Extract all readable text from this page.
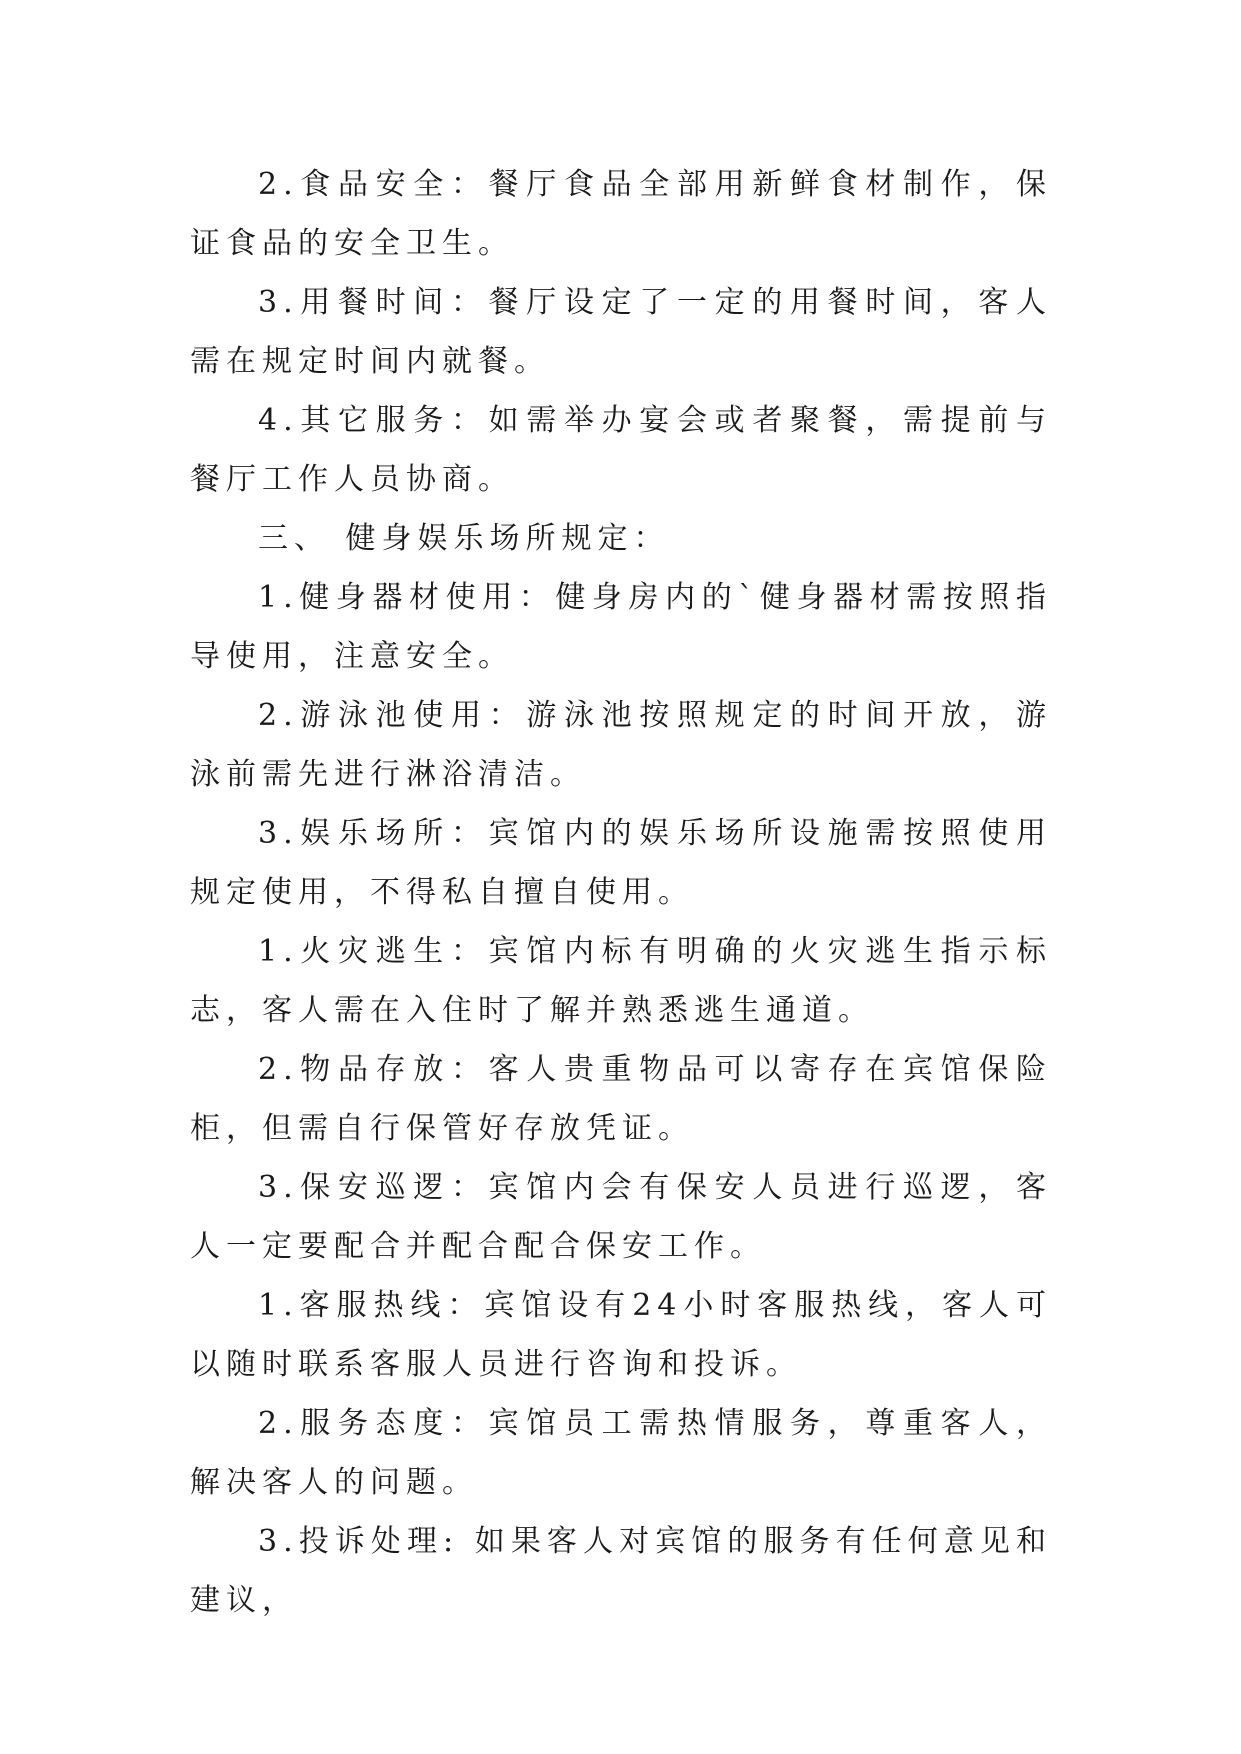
2.食品安全：餐厅食品全部用新鲜食材制作，保证食品的安全卫生。

3.用餐时间：餐厅设定了一定的用餐时间，客人需在规定时间内就餐。

4.其它服务：如需举办宴会或者聚餐，需提前与餐厅工作人员协商。

三、 健身娱乐场所规定：

1.健身器材使用：健身房内的`健身器材需按照指导使用，注意安全。

2.游泳池使用：游泳池按照规定的时间开放，游泳前需先进行淋浴清洁。

3.娱乐场所：宾馆内的娱乐场所设施需按照使用规定使用，不得私自擅自使用。

1.火灾逃生：宾馆内标有明确的火灾逃生指示标志，客人需在入住时了解并熟悉逃生通道。

2.物品存放：客人贵重物品可以寄存在宾馆保险柜，但需自行保管好存放凭证。

3.保安巡逻：宾馆内会有保安人员进行巡逻，客人一定要配合并配合配合保安工作。

1.客服热线：宾馆设有24小时客服热线，客人可以随时联系客服人员进行咨询和投诉。

2.服务态度：宾馆员工需热情服务，尊重客人，解决客人的问题。

3.投诉处理: 如果客人对宾馆的服务有任何意见和建议，
